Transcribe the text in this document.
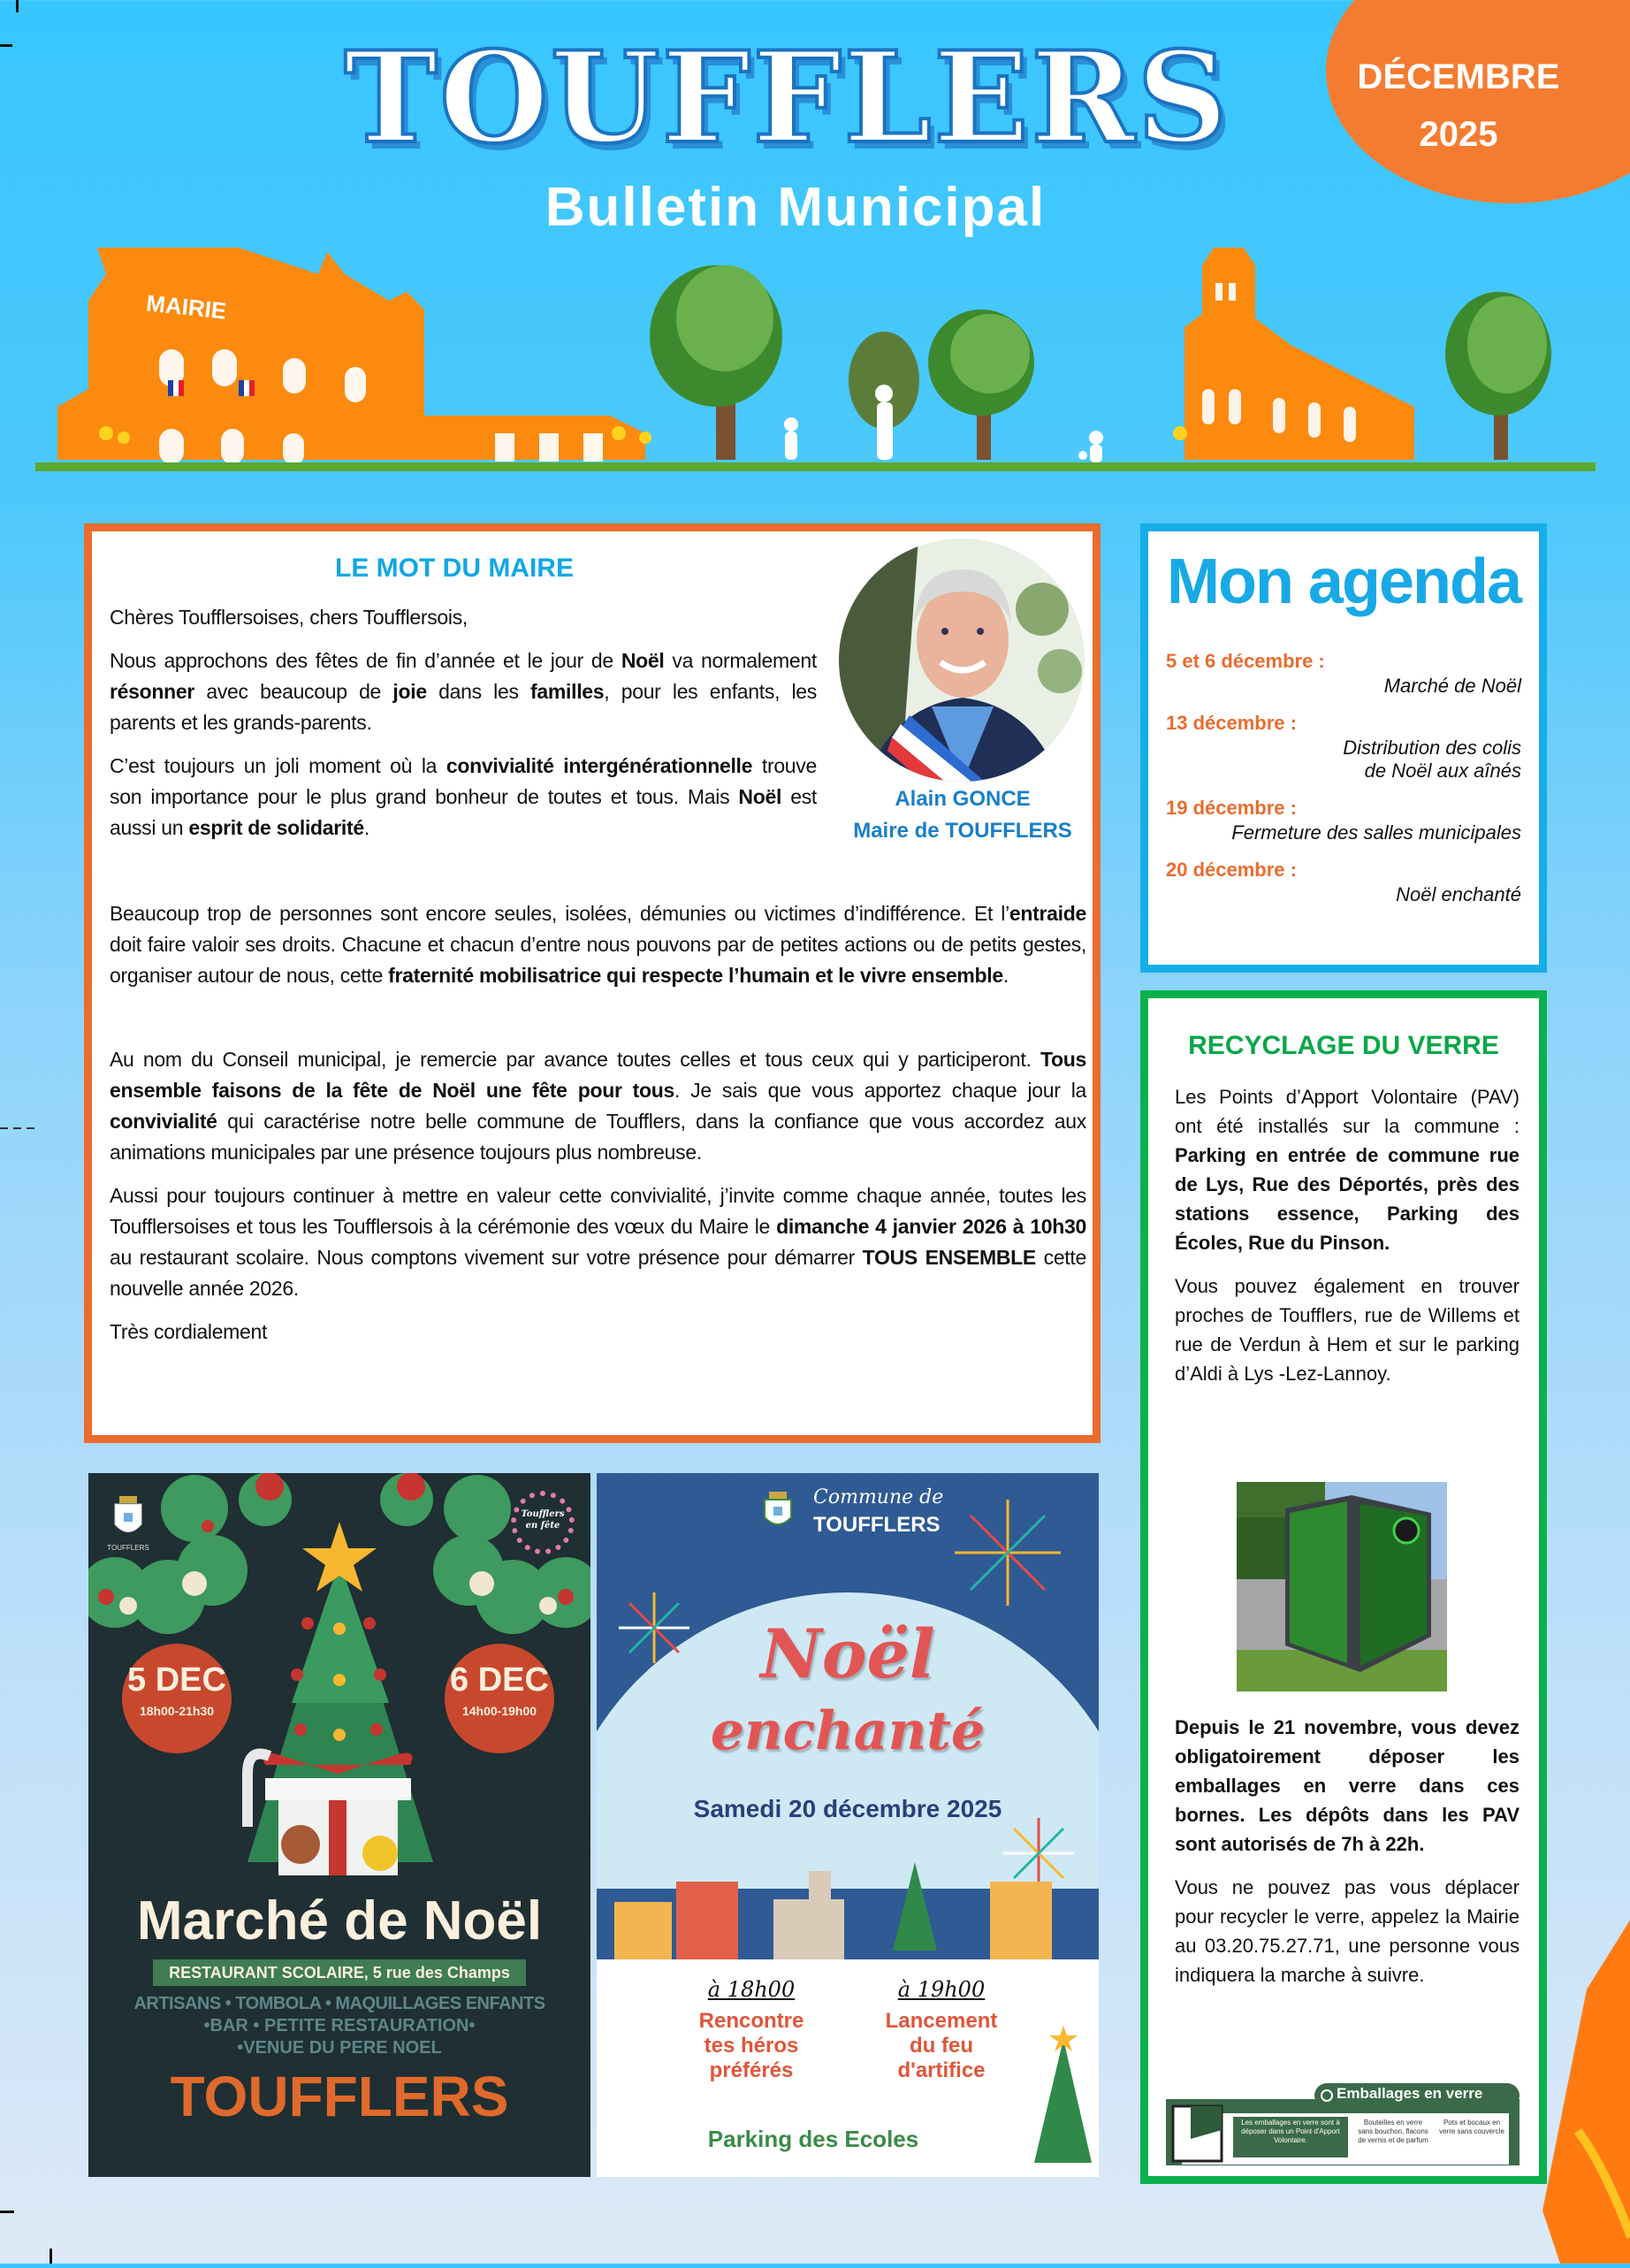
MAIRIE
TOUFFLERS
Bulletin Municipal
DÉCEMBRE
2025
LE MOT DU MAIRE
Alain GONCE
Maire de TOUFFLERS
Chères Toufflersoises, chers Toufflersois,
Nous approchons des fêtes de fin d’année et le jour de Noël va normalement résonner avec beaucoup de joie dans les familles, pour les enfants, les parents et les grands-parents.
C’est toujours un joli moment où la convivialité intergénérationnelle trouve son importance pour le plus grand bonheur de toutes et tous. Mais Noël est aussi un esprit de solidarité.
Beaucoup trop de personnes sont encore seules, isolées, démunies ou victimes d’indifférence. Et l’entraide doit faire valoir ses droits. Chacune et chacun d’entre nous pouvons par de petites actions ou de petits gestes, organiser autour de nous, cette fraternité mobilisatrice qui respecte l’humain et le vivre ensemble.
Au nom du Conseil municipal, je remercie par avance toutes celles et tous ceux qui y participeront. Tous ensemble faisons de la fête de Noël une fête pour tous. Je sais que vous apportez chaque jour la convivialité qui caractérise notre belle commune de Toufflers, dans la confiance que vous accordez aux animations municipales par une présence toujours plus nombreuse.
Aussi pour toujours continuer à mettre en valeur cette convivialité, j’invite comme chaque année, toutes les Toufflersoises et tous les Toufflersois à la cérémonie des vœux du Maire le dimanche 4 janvier 2026 à 10h30 au restaurant scolaire. Nous comptons vivement sur votre présence pour démarrer TOUS ENSEMBLE cette nouvelle année 2026.
Très cordialement
Mon agenda
5 et 6 décembre :
Marché de Noël
13 décembre :
Distribution des colis
de Noël aux aînés
19 décembre :
Fermeture des salles municipales
20 décembre :
Noël enchanté
RECYCLAGE DU VERRE
Les Points d’Apport Volontaire (PAV) ont été installés sur la commune : Parking en entrée de commune rue de Lys, Rue des Déportés, près des stations essence, Parking des Écoles, Rue du Pinson.
Vous pouvez également en trouver proches de Toufflers, rue de Willems et rue de Verdun à Hem et sur le parking d’Aldi à Lys -Lez-Lannoy.
Depuis le 21 novembre, vous devez obligatoirement déposer les emballages en verre dans ces bornes. Les dépôts dans les PAV sont autorisés de 7h à 22h.
Vous ne pouvez pas vous déplacer pour recycler le verre, appelez la Mairie au 03.20.75.27.71, une personne vous indiquera la marche à suivre.
Emballages en verre
Les emballages en verre sont à déposer dans un Point d'Apport Volontaire.
Bouteilles en verre sans bouchon, flacons de vernis et de parfum
Pots et bocaux en verre sans couvercle
TOUFFLERS
Toufflers en fête
5 DEC
18h00-21h30
6 DEC
14h00-19h00
Marché de Noël
RESTAURANT SCOLAIRE, 5 rue des Champs
ARTISANS • TOMBOLA • MAQUILLAGES ENFANTS
•BAR • PETITE RESTAURATION•
•VENUE DU PERE NOEL
TOUFFLERS
Commune de
TOUFFLERS
Noël
enchanté
Samedi 20 décembre 2025
à 18h00
Rencontre
tes héros
préférés
à 19h00
Lancement
du feu
d'artifice
Parking des Ecoles
